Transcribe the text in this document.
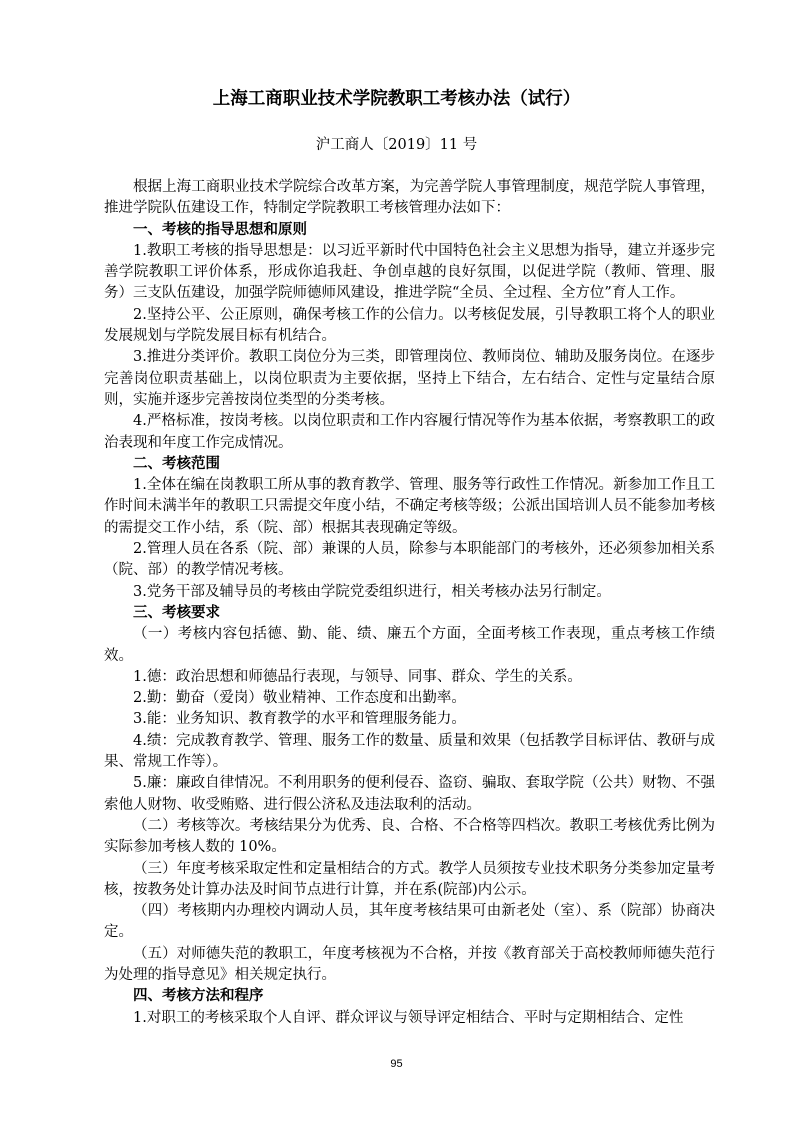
上海工商职业技术学院教职工考核办法（试行）
沪工商人〔2019〕11 号

根据上海工商职业技术学院综合改革方案，为完善学院人事管理制度，规范学院人事管理，推进学院队伍建设工作，特制定学院教职工考核管理办法如下：

一、考核的指导思想和原则

1.教职工考核的指导思想是：以习近平新时代中国特色社会主义思想为指导，建立并逐步完善学院教职工评价体系，形成你追我赶、争创卓越的良好氛围，以促进学院（教师、管理、服务）三支队伍建设，加强学院师德师风建设，推进学院“全员、全过程、全方位”育人工作。

2.坚持公平、公正原则，确保考核工作的公信力。以考核促发展，引导教职工将个人的职业发展规划与学院发展目标有机结合。

3.推进分类评价。教职工岗位分为三类，即管理岗位、教师岗位、辅助及服务岗位。在逐步完善岗位职责基础上，以岗位职责为主要依据，坚持上下结合，左右结合、定性与定量结合原则，实施并逐步完善按岗位类型的分类考核。

4.严格标准，按岗考核。以岗位职责和工作内容履行情况等作为基本依据，考察教职工的政治表现和年度工作完成情况。

二、考核范围

1.全体在编在岗教职工所从事的教育教学、管理、服务等行政性工作情况。新参加工作且工作时间未满半年的教职工只需提交年度小结，不确定考核等级；公派出国培训人员不能参加考核的需提交工作小结，系（院、部）根据其表现确定等级。

2.管理人员在各系（院、部）兼课的人员，除参与本职能部门的考核外，还必须参加相关系（院、部）的教学情况考核。

3.党务干部及辅导员的考核由学院党委组织进行，相关考核办法另行制定。

三、考核要求

（一）考核内容包括德、勤、能、绩、廉五个方面，全面考核工作表现，重点考核工作绩效。

1.德：政治思想和师德品行表现，与领导、同事、群众、学生的关系。

2.勤：勤奋（爱岗）敬业精神、工作态度和出勤率。

3.能：业务知识、教育教学的水平和管理服务能力。

4.绩：完成教育教学、管理、服务工作的数量、质量和效果（包括教学目标评估、教研与成果、常规工作等）。

5.廉：廉政自律情况。不利用职务的便利侵吞、盗窃、骗取、套取学院（公共）财物、不强索他人财物、收受贿赂、进行假公济私及违法取利的活动。

（二）考核等次。考核结果分为优秀、良、合格、不合格等四档次。教职工考核优秀比例为实际参加考核人数的 10%。

（三）年度考核采取定性和定量相结合的方式。教学人员须按专业技术职务分类参加定量考核，按教务处计算办法及时间节点进行计算，并在系(院部)内公示。

（四）考核期内办理校内调动人员，其年度考核结果可由新老处（室）、系（院部）协商决定。

（五）对师德失范的教职工，年度考核视为不合格，并按《教育部关于高校教师师德失范行为处理的指导意见》相关规定执行。

四、考核方法和程序

1.对职工的考核采取个人自评、群众评议与领导评定相结合、平时与定期相结合、定性

95
